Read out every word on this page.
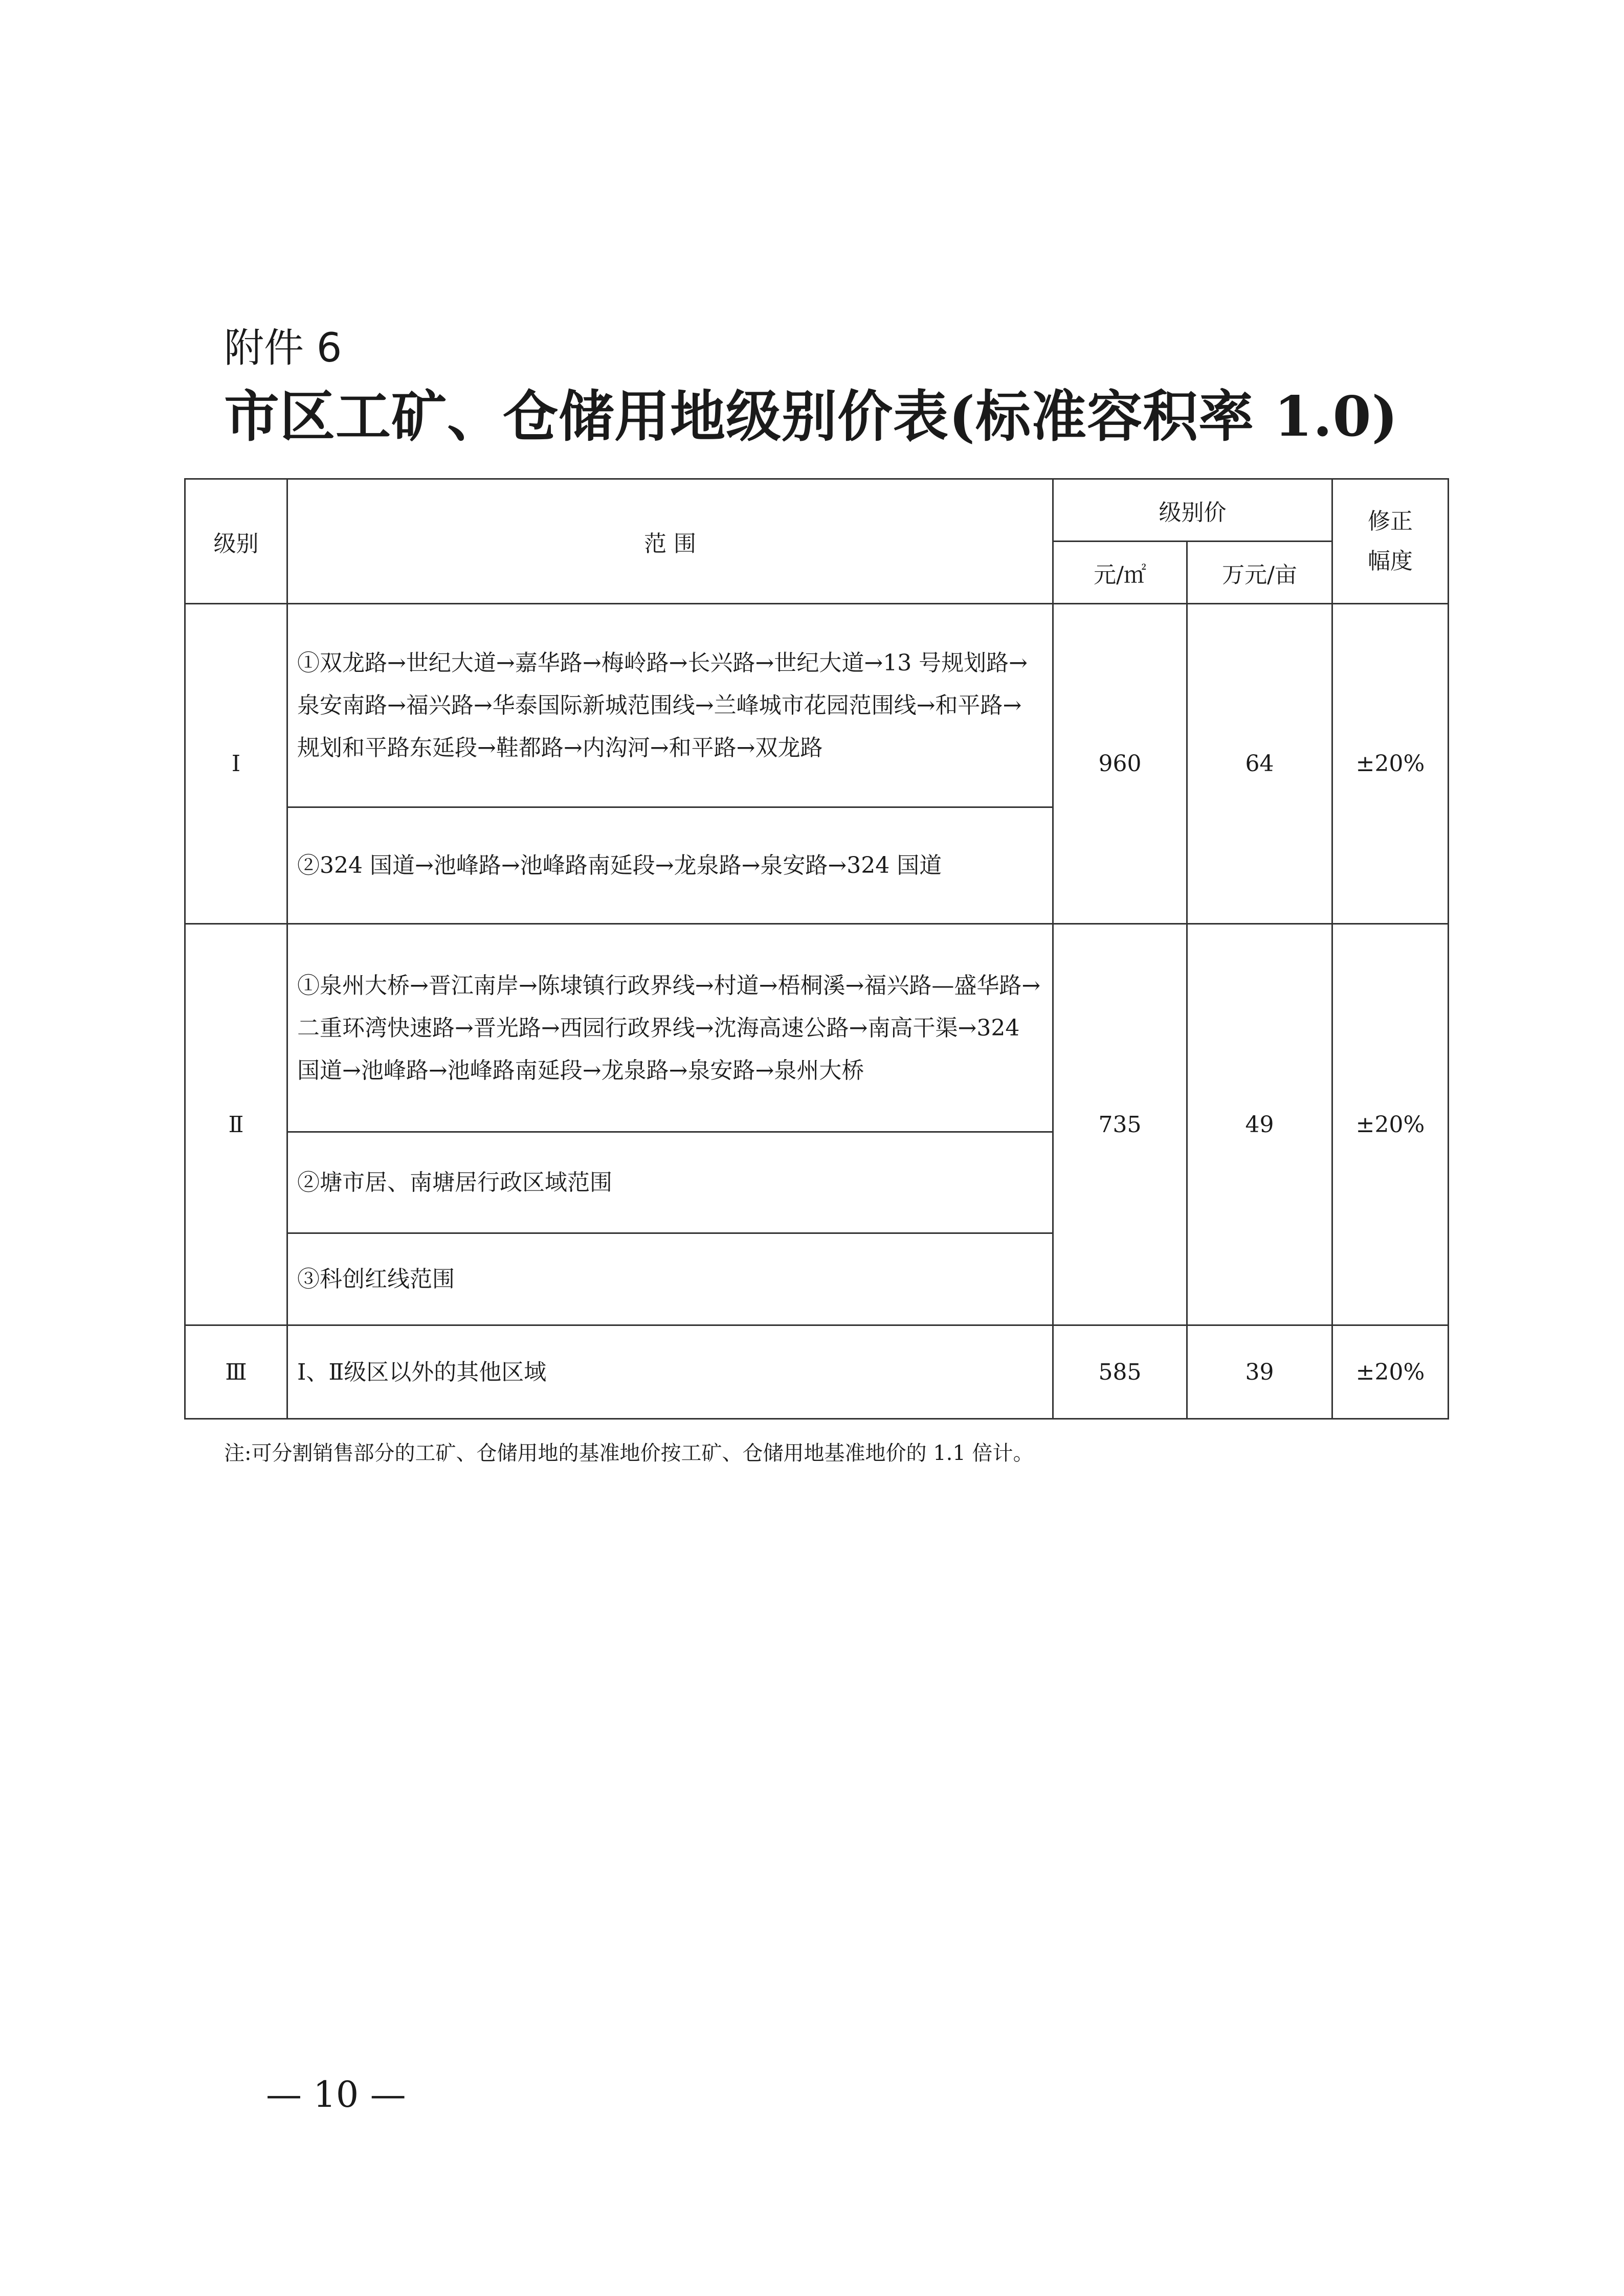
附件 6
市区工矿、仓储用地级别价表(标准容积率 1.0)
级别	范 围	级别价		修正
幅度

		元/㎡	万元/亩	
Ⅰ	①双龙路→世纪大道→嘉华路→梅岭路→长兴路→世纪大道→13 号规划路→泉安南路→福兴路→华泰国际新城范围线→兰峰城市花园范围线→和平路→规划和平路东延段→鞋都路→内沟河→和平路→双龙路	960	64	±20%
	②324 国道→池峰路→池峰路南延段→龙泉路→泉安路→324 国道			
Ⅱ	①泉州大桥→晋江南岸→陈埭镇行政界线→村道→梧桐溪→福兴路—盛华路→二重环湾快速路→晋光路→西园行政界线→沈海高速公路→南高干渠→324 国道→池峰路→池峰路南延段→龙泉路→泉安路→泉州大桥	735	49	±20%
	②塘市居、南塘居行政区域范围			
	③科创红线范围			
Ⅲ	Ⅰ、Ⅱ级区以外的其他区域	585	39	±20%
注:可分割销售部分的工矿、仓储用地的基准地价按工矿、仓储用地基准地价的 1.1 倍计。
— 10 —
